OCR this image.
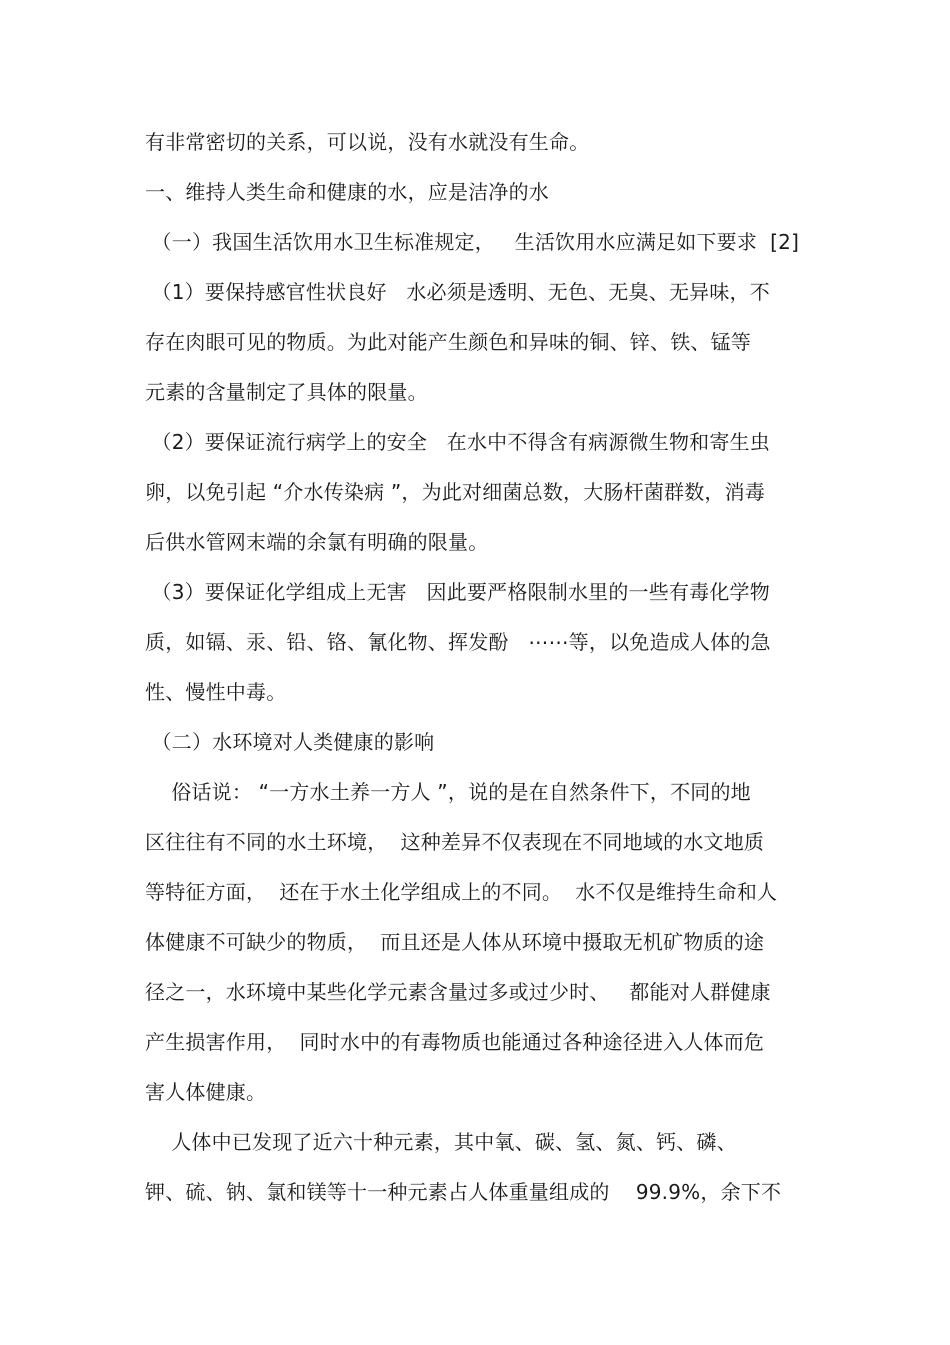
有非常密切的关系，可以说，没有水就没有生命。
一、维持人类生命和健康的水，应是洁净的水
（一）我国生活饮用水卫生标准规定，   生活饮用水应满足如下要求  [2]
（1）要保持感官性状良好   水必须是透明、无色、无臭、无异味，不
存在肉眼可见的物质。为此对能产生颜色和异味的铜、锌、铁、锰等
元素的含量制定了具体的限量。
（2）要保证流行病学上的安全   在水中不得含有病源微生物和寄生虫
卵，以免引起 “介水传染病 ”，为此对细菌总数，大肠杆菌群数，消毒
后供水管网末端的余氯有明确的限量。
（3）要保证化学组成上无害   因此要严格限制水里的一些有毒化学物
质，如镉、汞、铅、铬、氰化物、挥发酚   ⋯⋯等，以免造成人体的急
性、慢性中毒。
（二）水环境对人类健康的影响
俗话说： “一方水土养一方人 ”，说的是在自然条件下，不同的地
区往往有不同的水土环境，  这种差异不仅表现在不同地域的水文地质
等特征方面，  还在于水土化学组成上的不同。  水不仅是维持生命和人
体健康不可缺少的物质，  而且还是人体从环境中摄取无机矿物质的途
径之一，水环境中某些化学元素含量过多或过少时、   都能对人群健康
产生损害作用，  同时水中的有毒物质也能通过各种途径进入人体而危
害人体健康。
人体中已发现了近六十种元素，其中氧、碳、氢、氮、钙、磷、
钾、硫、钠、氯和镁等十一种元素占人体重量组成的    99.9%，余下不
